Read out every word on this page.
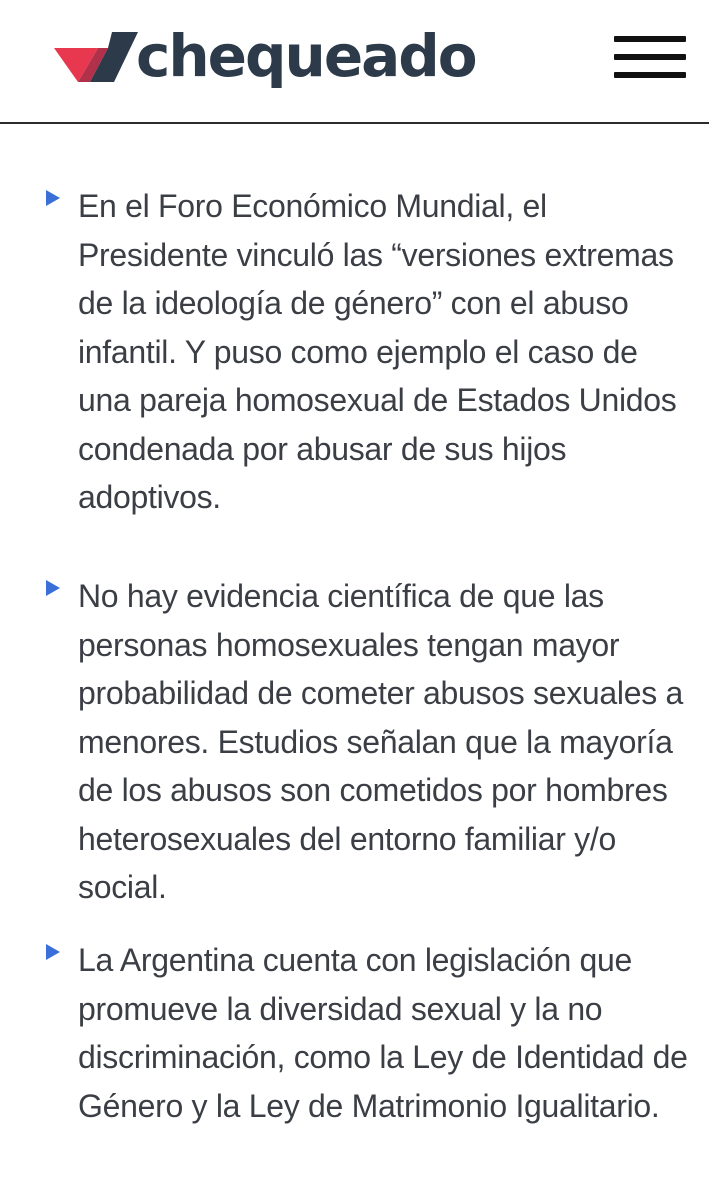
chequeado

En el Foro Económico Mundial, el Presidente vinculó las “versiones extremas de la ideología de género” con el abuso infantil. Y puso como ejemplo el caso de una pareja homosexual de Estados Unidos condenada por abusar de sus hijos adoptivos.

No hay evidencia científica de que las personas homosexuales tengan mayor probabilidad de cometer abusos sexuales a menores. Estudios señalan que la mayoría de los abusos son cometidos por hombres heterosexuales del entorno familiar y/o social.

La Argentina cuenta con legislación que promueve la diversidad sexual y la no discriminación, como la Ley de Identidad de Género y la Ley de Matrimonio Igualitario.
